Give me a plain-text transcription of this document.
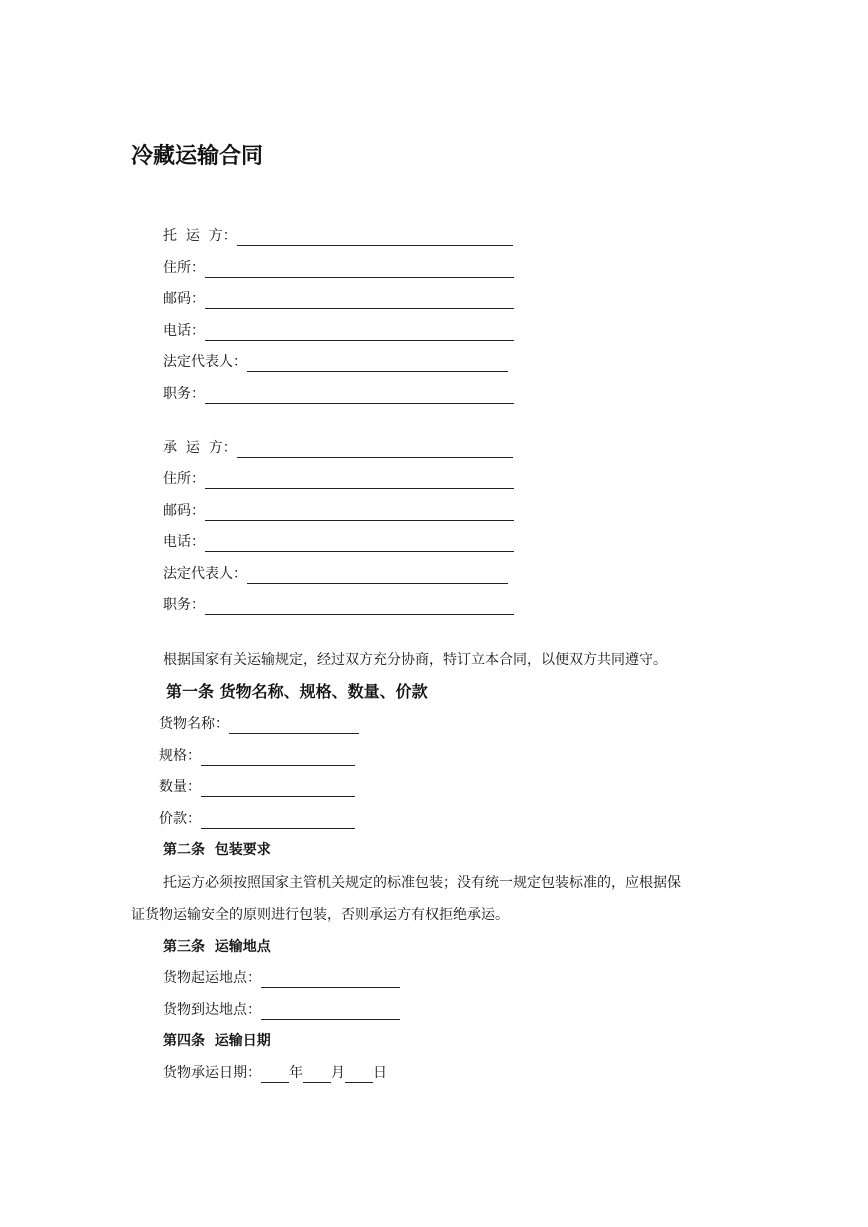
冷藏运输合同
托  运  方：
住所：
邮码：
电话：
法定代表人：
职务：
承  运  方：
住所：
邮码：
电话：
法定代表人：
职务：

根据国家有关运输规定，经过双方充分协商，特订立本合同，以便双方共同遵守。

第一条 货物名称、规格、数量、价款
货物名称：
规格：
数量：
价款：
第二条  包装要求

托运方必须按照国家主管机关规定的标准包装；没有统一规定包装标准的，应根据保

证货物运输安全的原则进行包装，否则承运方有权拒绝承运。

第三条  运输地点
货物起运地点：
货物到达地点：
第四条  运输日期
货物承运日期： 年 月 日
